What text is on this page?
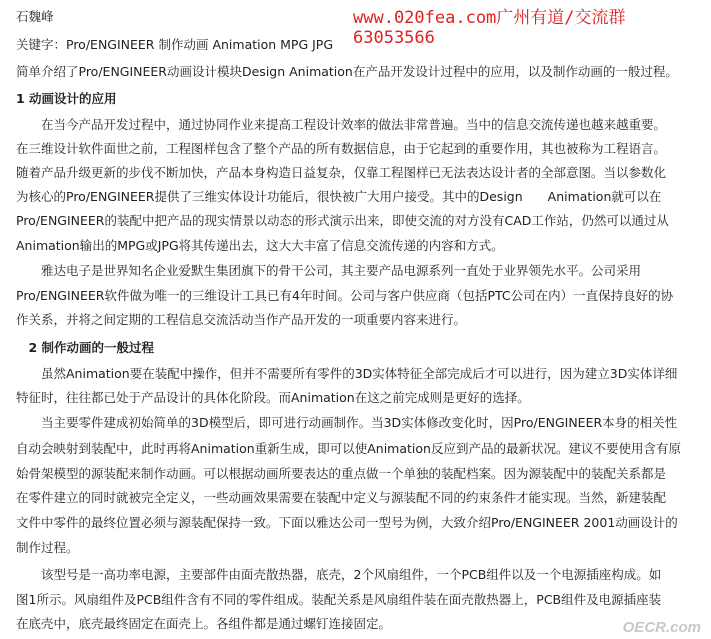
石魏峰
关键字：Pro/ENGINEER 制作动画 Animation MPG JPG
简单介绍了Pro/ENGINEER动画设计模块Design Animation在产品开发设计过程中的应用，以及制作动画的一般过程。
1 动画设计的应用
　　在当今产品开发过程中，通过协同作业来提高工程设计效率的做法非常普遍。当中的信息交流传递也越来越重要。
在三维设计软件面世之前，工程图样包含了整个产品的所有数据信息，由于它起到的重要作用，其也被称为工程语言。
随着产品升级更新的步伐不断加快，产品本身构造日益复杂，仅靠工程图样已无法表达设计者的全部意图。当以参数化
为核心的Pro/ENGINEER提供了三维实体设计功能后，很快被广大用户接受。其中的Design　　Animation就可以在
Pro/ENGINEER的装配中把产品的现实情景以动态的形式演示出来，即使交流的对方没有CAD工作站，仍然可以通过从
Animation输出的MPG或JPG将其传递出去，这大大丰富了信息交流传递的内容和方式。
　　雅达电子是世界知名企业爱默生集团旗下的骨干公司，其主要产品电源系列一直处于业界领先水平。公司采用
Pro/ENGINEER软件做为唯一的三维设计工具已有4年时间。公司与客户供应商（包括PTC公司在内）一直保持良好的协
作关系，并将之间定期的工程信息交流活动当作产品开发的一项重要内容来进行。
　2 制作动画的一般过程
　　虽然Animation要在装配中操作，但并不需要所有零件的3D实体特征全部完成后才可以进行，因为建立3D实体详细
特征时，往往都已处于产品设计的具体化阶段。而Animation在这之前完成则是更好的选择。
　　当主要零件建成初始简单的3D模型后，即可进行动画制作。当3D实体修改变化时，因Pro/ENGINEER本身的相关性
自动会映射到装配中，此时再将Animation重新生成，即可以使Animation反应到产品的最新状况。建议不要使用含有原
始骨架模型的源装配来制作动画。可以根据动画所要表达的重点做一个单独的装配档案。因为源装配中的装配关系都是
在零件建立的同时就被完全定义，一些动画效果需要在装配中定义与源装配不同的约束条件才能实现。当然，新建装配
文件中零件的最终位置必须与源装配保持一致。下面以雅达公司一型号为例，大致介绍Pro/ENGINEER 2001动画设计的
制作过程。
　　该型号是一高功率电源，主要部件由面壳散热器，底壳，2个风扇组件，一个PCB组件以及一个电源插座构成。如
图1所示。风扇组件及PCB组件含有不同的零件组成。装配关系是风扇组件装在面壳散热器上，PCB组件及电源插座装
在底壳中，底壳最终固定在面壳上。各组件都是通过螺钉连接固定。
www.020fea.com广州有道/交流群
63053566
OECR.com
